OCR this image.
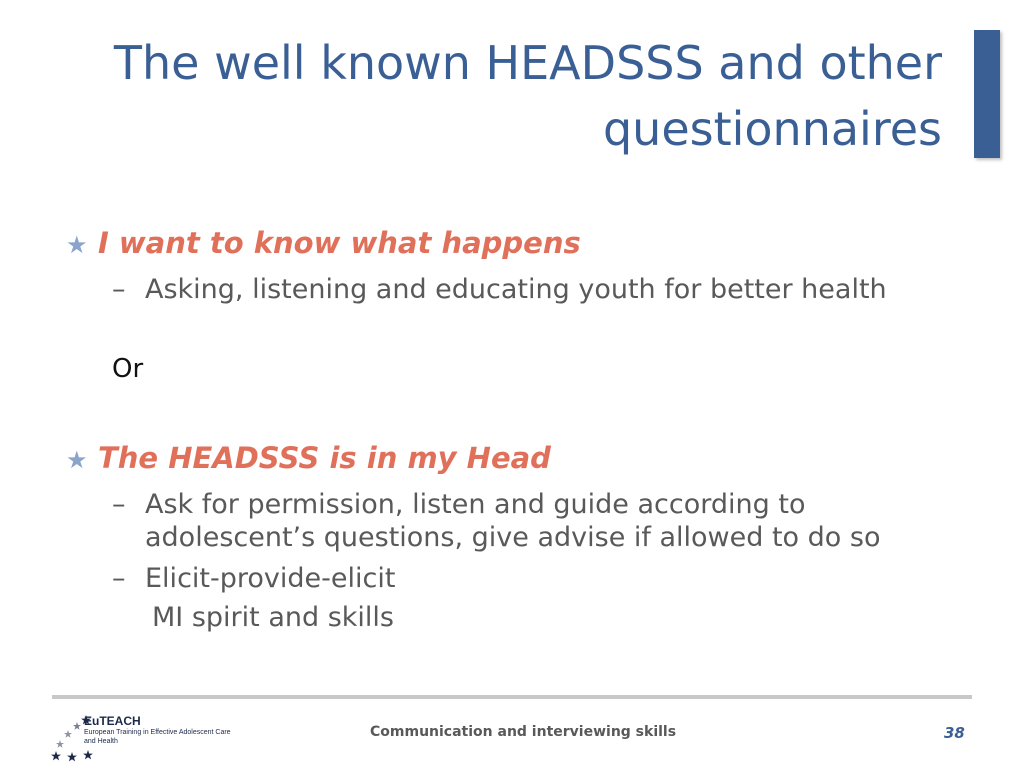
The well known HEADSSS and other
questionnaires
★ I want to know what happens
– Asking, listening and educating youth for better health
Or
★ The HEADSSS is in my Head
– Ask for permission, listen and guide according to adolescent’s questions, give advise if allowed to do so
– Elicit-provide-elicit
MI spirit and skills
EuTEACH
European Training in Effective Adolescent Care and Health
Communication and interviewing skills	38
